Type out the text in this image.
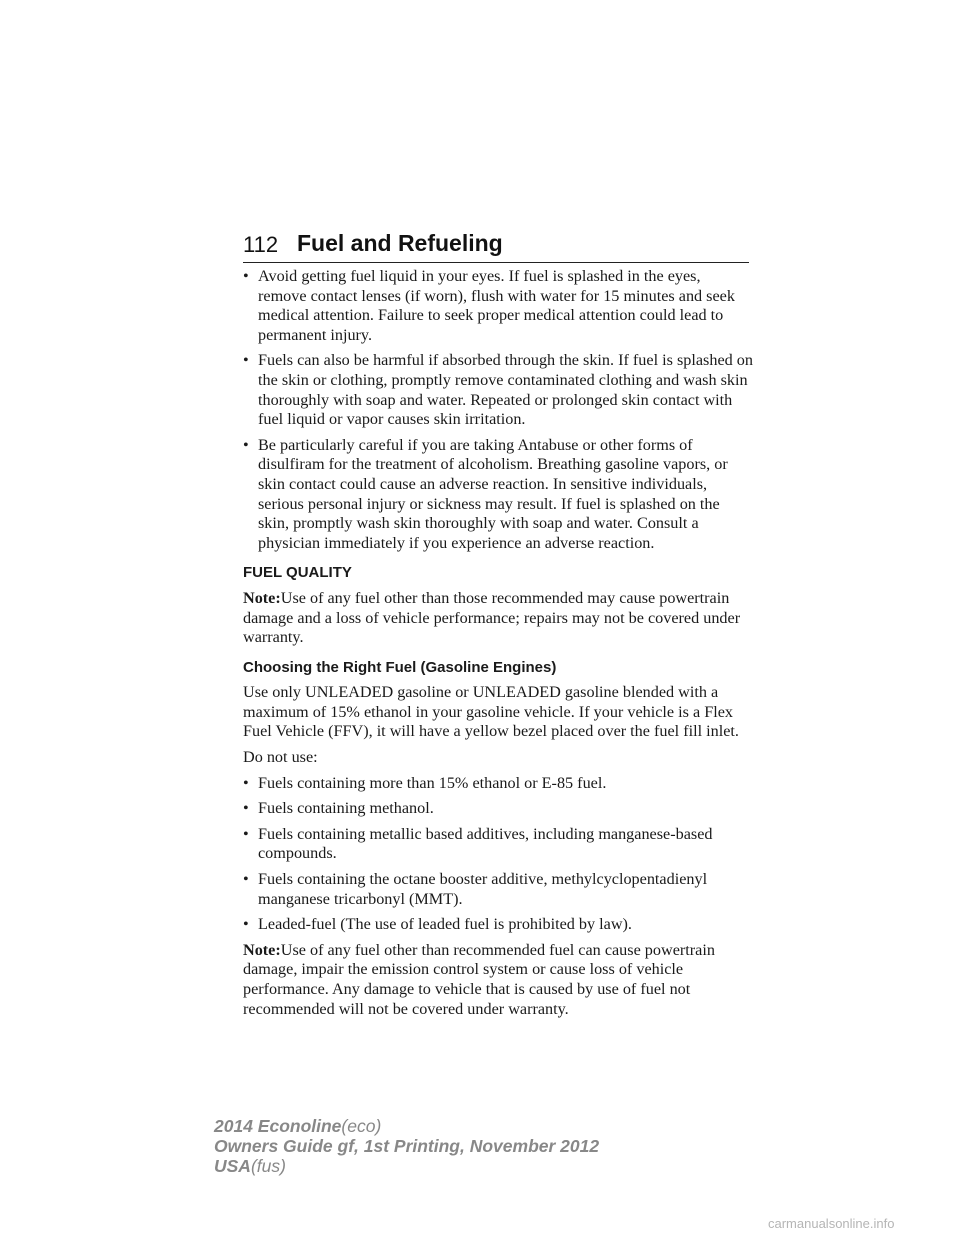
112 Fuel and Refueling
• Avoid getting fuel liquid in your eyes. If fuel is splashed in the eyes, remove contact lenses (if worn), flush with water for 15 minutes and seek medical attention. Failure to seek proper medical attention could lead to permanent injury.
• Fuels can also be harmful if absorbed through the skin. If fuel is splashed on the skin or clothing, promptly remove contaminated clothing and wash skin thoroughly with soap and water. Repeated or prolonged skin contact with fuel liquid or vapor causes skin irritation.
• Be particularly careful if you are taking Antabuse or other forms of disulfiram for the treatment of alcoholism. Breathing gasoline vapors, or skin contact could cause an adverse reaction. In sensitive individuals, serious personal injury or sickness may result. If fuel is splashed on the skin, promptly wash skin thoroughly with soap and water. Consult a physician immediately if you experience an adverse reaction.
FUEL QUALITY

Note:Use of any fuel other than those recommended may cause powertrain damage and a loss of vehicle performance; repairs may not be covered under warranty.

Choosing the Right Fuel (Gasoline Engines)

Use only UNLEADED gasoline or UNLEADED gasoline blended with a maximum of 15% ethanol in your gasoline vehicle. If your vehicle is a Flex Fuel Vehicle (FFV), it will have a yellow bezel placed over the fuel fill inlet.

Do not use:

• Fuels containing more than 15% ethanol or E-85 fuel.
• Fuels containing methanol.
• Fuels containing metallic based additives, including manganese-based compounds.
• Fuels containing the octane booster additive, methylcyclopentadienyl manganese tricarbonyl (MMT).
• Leaded-fuel (The use of leaded fuel is prohibited by law).

Note:Use of any fuel other than recommended fuel can cause powertrain damage, impair the emission control system or cause loss of vehicle performance. Any damage to vehicle that is caused by use of fuel not recommended will not be covered under warranty.

2014 Econoline(eco)
Owners Guide gf, 1st Printing, November 2012
USA(fus)
carmanualsonline.info
